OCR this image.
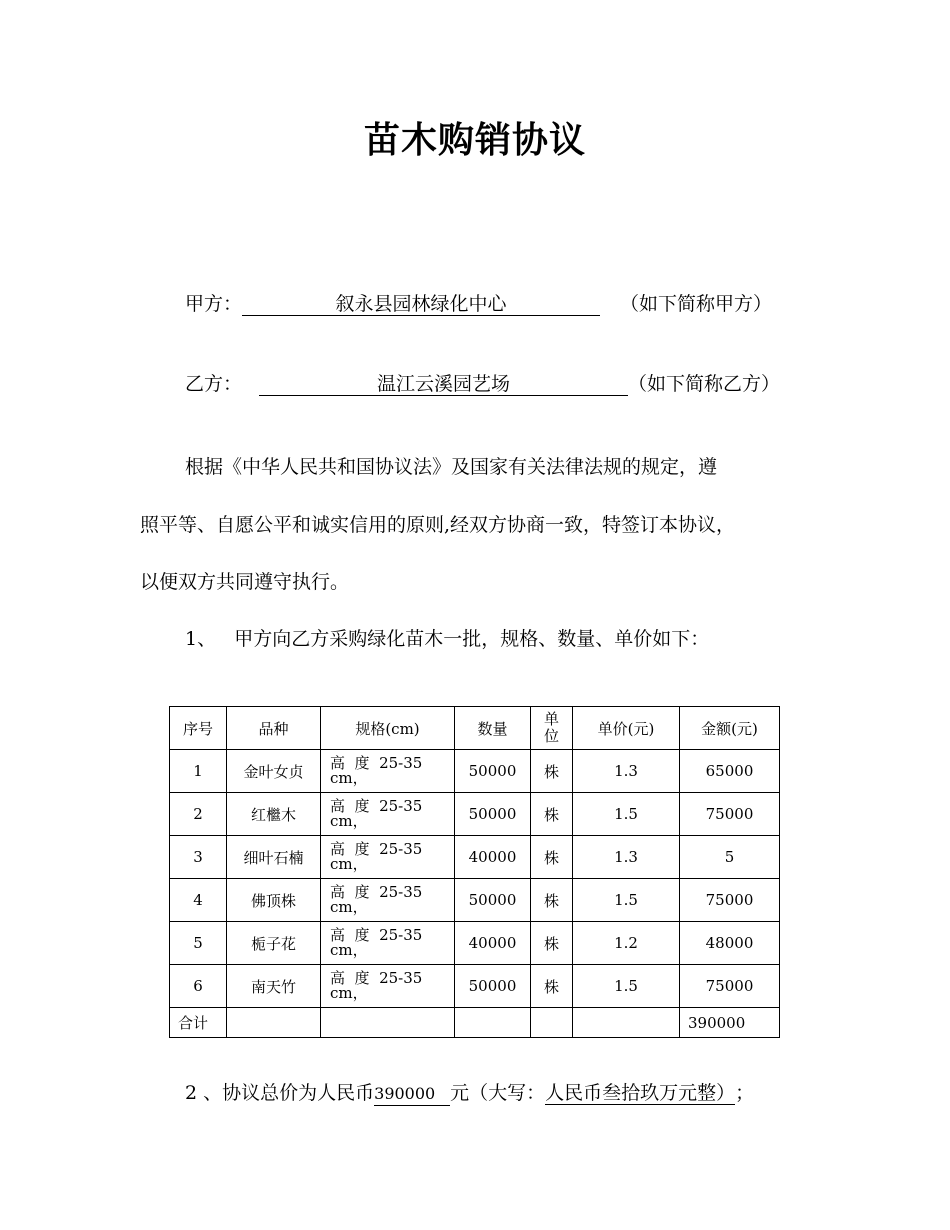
苗木购销协议
甲方：	叙永县园林绿化中心	（如下简称甲方）
乙方：	温江云溪园艺场	（如下简称乙方）
根据《中华人民共和国协议法》及国家有关法律法规的规定，遵
照平等、自愿公平和诚实信用的原则,经双方协商一致，特签订本协议，
以便双方共同遵守执行。
1、   甲方向乙方采购绿化苗木一批，规格、数量、单价如下：
序号	品种	规格(cm)	数量	单位	单价(元)	金额(元)
1	金叶女贞	高  度  25-35 cm，	50000	株	1.3	65000
2	红檵木	高  度  25-35 cm，	50000	株	1.5	75000
3	细叶石楠	高  度  25-35 cm，	40000	株	1.3	5
4	佛顶株	高  度  25-35 cm，	50000	株	1.5	75000
5	栀子花	高  度  25-35 cm，	40000	株	1.2	48000
6	南天竹	高  度  25-35 cm，	50000	株	1.5	75000
合计						390000
2 、协议总价为人民币390000 元（大写：人民币叁拾玖万元整）；
